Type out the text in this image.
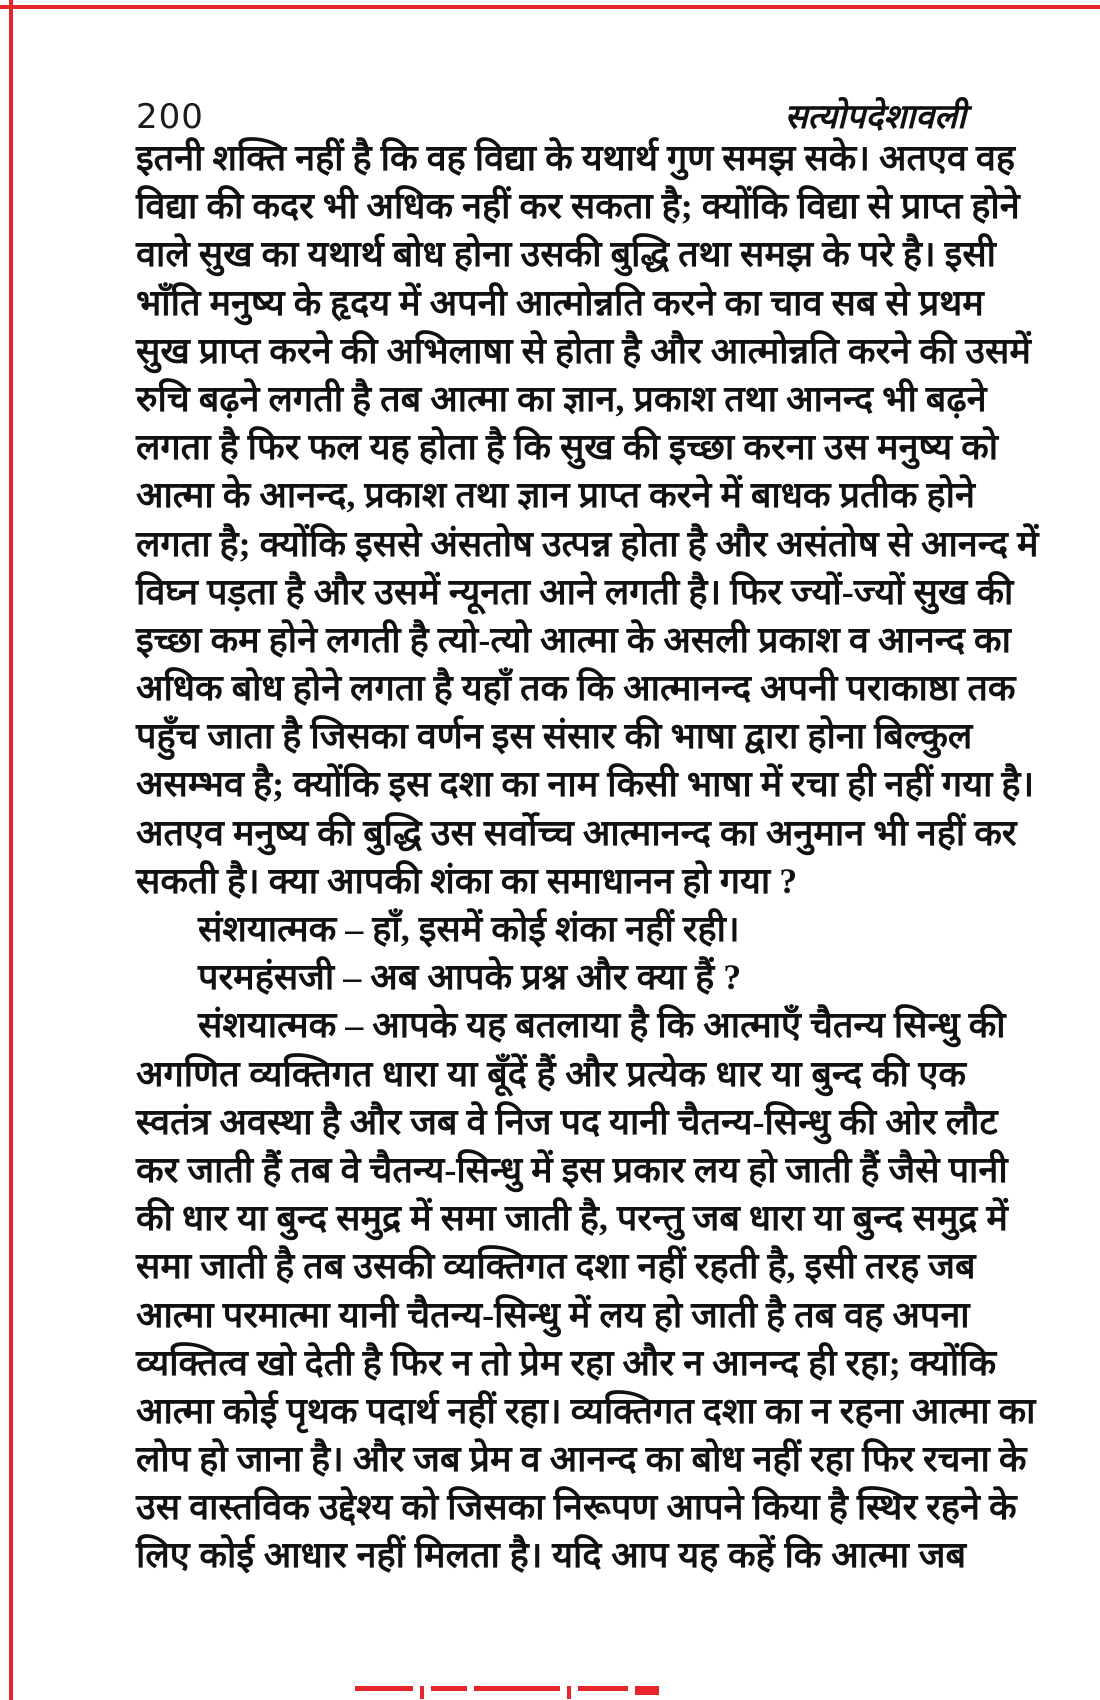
200	सत्योपदेशावली
इतनी शक्ति नहीं है कि वह विद्या के यथार्थ गुण समझ सके। अतएव वह
विद्या की कदर भी अधिक नहीं कर सकता है; क्योंकि विद्या से प्राप्त होने
वाले सुख का यथार्थ बोध होना उसकी बुद्धि तथा समझ के परे है। इसी
भाँति मनुष्य के हृदय में अपनी आत्मोन्नति करने का चाव सब से प्रथम
सुख प्राप्त करने की अभिलाषा से होता है और आत्मोन्नति करने की उसमें
रुचि बढ़ने लगती है तब आत्मा का ज्ञान, प्रकाश तथा आनन्द भी बढ़ने
लगता है फिर फल यह होता है कि सुख की इच्छा करना उस मनुष्य को
आत्मा के आनन्द, प्रकाश तथा ज्ञान प्राप्त करने में बाधक प्रतीक होने
लगता है; क्योंकि इससे अंसतोष उत्पन्न होता है और असंतोष से आनन्द में
विघ्न पड़ता है और उसमें न्यूनता आने लगती है। फिर ज्यों-ज्यों सुख की
इच्छा कम होने लगती है त्यो-त्यो आत्मा के असली प्रकाश व आनन्द का
अधिक बोध होने लगता है यहाँ तक कि आत्मानन्द अपनी पराकाष्ठा तक
पहुँच जाता है जिसका वर्णन इस संसार की भाषा द्वारा होना बिल्कुल
असम्भव है; क्योंकि इस दशा का नाम किसी भाषा में रचा ही नहीं गया है।
अतएव मनुष्य की बुद्धि उस सर्वोच्च आत्मानन्द का अनुमान भी नहीं कर
सकती है। क्या आपकी शंका का समाधानन हो गया ?
संशयात्मक – हाँ, इसमें कोई शंका नहीं रही।
परमहंसजी – अब आपके प्रश्न और क्या हैं ?
संशयात्मक – आपके यह बतलाया है कि आत्माएँ चैतन्य सिन्धु की
अगणित व्यक्तिगत धारा या बूँदें हैं और प्रत्येक धार या बुन्द की एक
स्वतंत्र अवस्था है और जब वे निज पद यानी चैतन्य-सिन्धु की ओर लौट
कर जाती हैं तब वे चैतन्य-सिन्धु में इस प्रकार लय हो जाती हैं जैसे पानी
की धार या बुन्द समुद्र में समा जाती है, परन्तु जब धारा या बुन्द समुद्र में
समा जाती है तब उसकी व्यक्तिगत दशा नहीं रहती है, इसी तरह जब
आत्मा परमात्मा यानी चैतन्य-सिन्धु में लय हो जाती है तब वह अपना
व्यक्तित्व खो देती है फिर न तो प्रेम रहा और न आनन्द ही रहा; क्योंकि
आत्मा कोई पृथक पदार्थ नहीं रहा। व्यक्तिगत दशा का न रहना आत्मा का
लोप हो जाना है। और जब प्रेम व आनन्द का बोध नहीं रहा फिर रचना के
उस वास्तविक उद्देश्य को जिसका निरूपण आपने किया है स्थिर रहने के
लिए कोई आधार नहीं मिलता है। यदि आप यह कहें कि आत्मा जब
